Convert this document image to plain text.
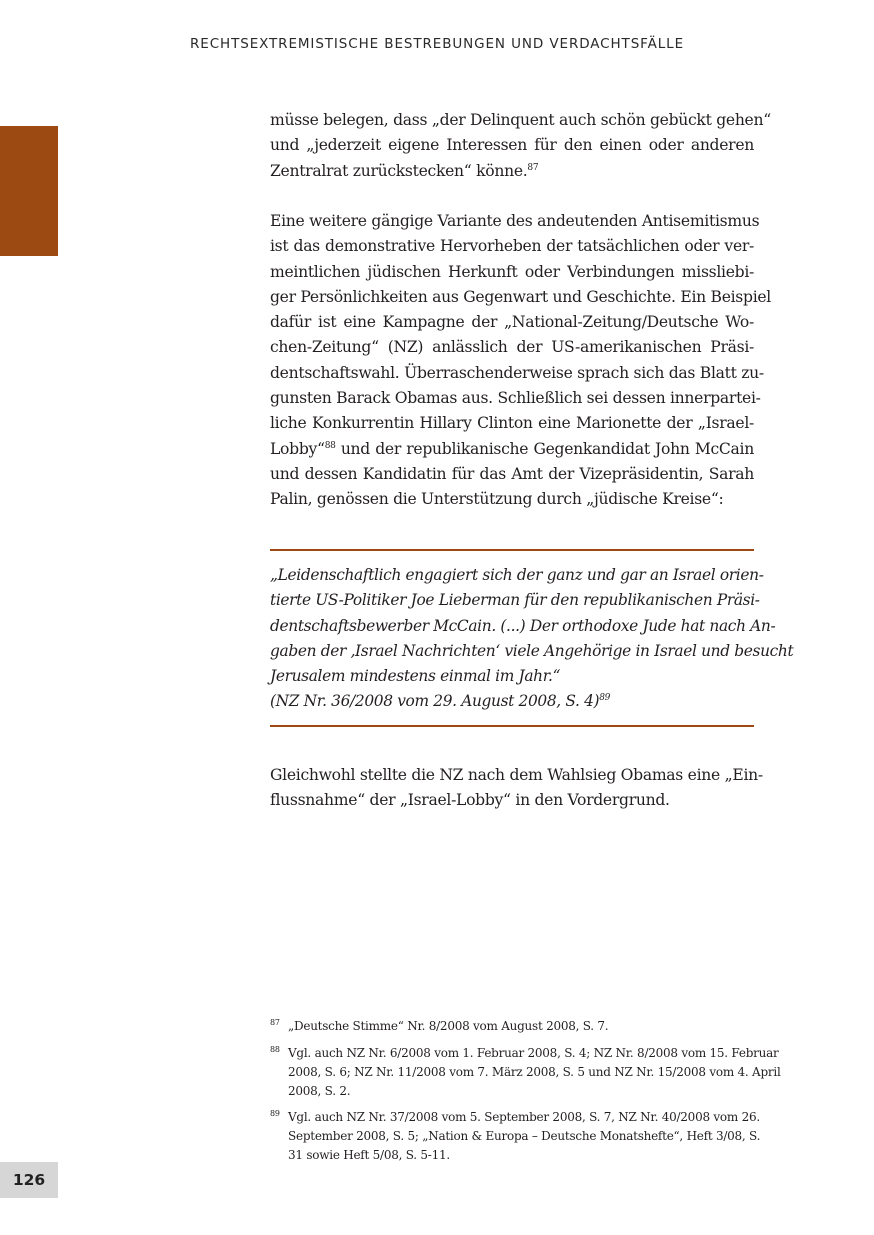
RECHTSEXTREMISTISCHE BESTREBUNGEN UND VERDACHTSFÄLLE

müsse belegen, dass „der Delinquent auch schön gebückt gehen“
und „jederzeit eigene Interessen für den einen oder anderen
Zentralrat zurückstecken“ könne.$^{87}$

Eine weitere gängige Variante des andeutenden Antisemitismus
ist das demonstrative Hervorheben der tatsächlichen oder ver-
meintlichen jüdischen Herkunft oder Verbindungen missliebi-
ger Persönlichkeiten aus Gegenwart und Geschichte. Ein Beispiel
dafür ist eine Kampagne der „National-Zeitung/Deutsche Wo-
chen-Zeitung“ (NZ) anlässlich der US-amerikanischen Präsi-
dentschaftswahl. Überraschenderweise sprach sich das Blatt zu-
gunsten Barack Obamas aus. Schließlich sei dessen innerpartei-
liche Konkurrentin Hillary Clinton eine Marionette der „Israel-
Lobby“$^{88}$ und der republikanische Gegenkandidat John McCain
und dessen Kandidatin für das Amt der Vizepräsidentin, Sarah
Palin, genössen die Unterstützung durch „jüdische Kreise“:

„Leidenschaftlich engagiert sich der ganz und gar an Israel orien-
tierte US-Politiker Joe Lieberman für den republikanischen Präsi-
dentschaftsbewerber McCain. (...) Der orthodoxe Jude hat nach An-
gaben der ‚Israel Nachrichten‘ viele Angehörige in Israel und besucht
Jerusalem mindestens einmal im Jahr.“
(NZ Nr. 36/2008 vom 29. August 2008, S. 4)$^{89}$

Gleichwohl stellte die NZ nach dem Wahlsieg Obamas eine „Ein-
flussnahme“ der „Israel-Lobby“ in den Vordergrund.

87 „Deutsche Stimme“ Nr. 8/2008 vom August 2008, S. 7.
88 Vgl. auch NZ Nr. 6/2008 vom 1. Februar 2008, S. 4; NZ Nr. 8/2008 vom 15. Februar
2008, S. 6; NZ Nr. 11/2008 vom 7. März 2008, S. 5 und NZ Nr. 15/2008 vom 4. April
2008, S. 2.
89 Vgl. auch NZ Nr. 37/2008 vom 5. September 2008, S. 7, NZ Nr. 40/2008 vom 26.
September 2008, S. 5; „Nation & Europa – Deutsche Monatshefte“, Heft 3/08, S.
31 sowie Heft 5/08, S. 5-11.
126
